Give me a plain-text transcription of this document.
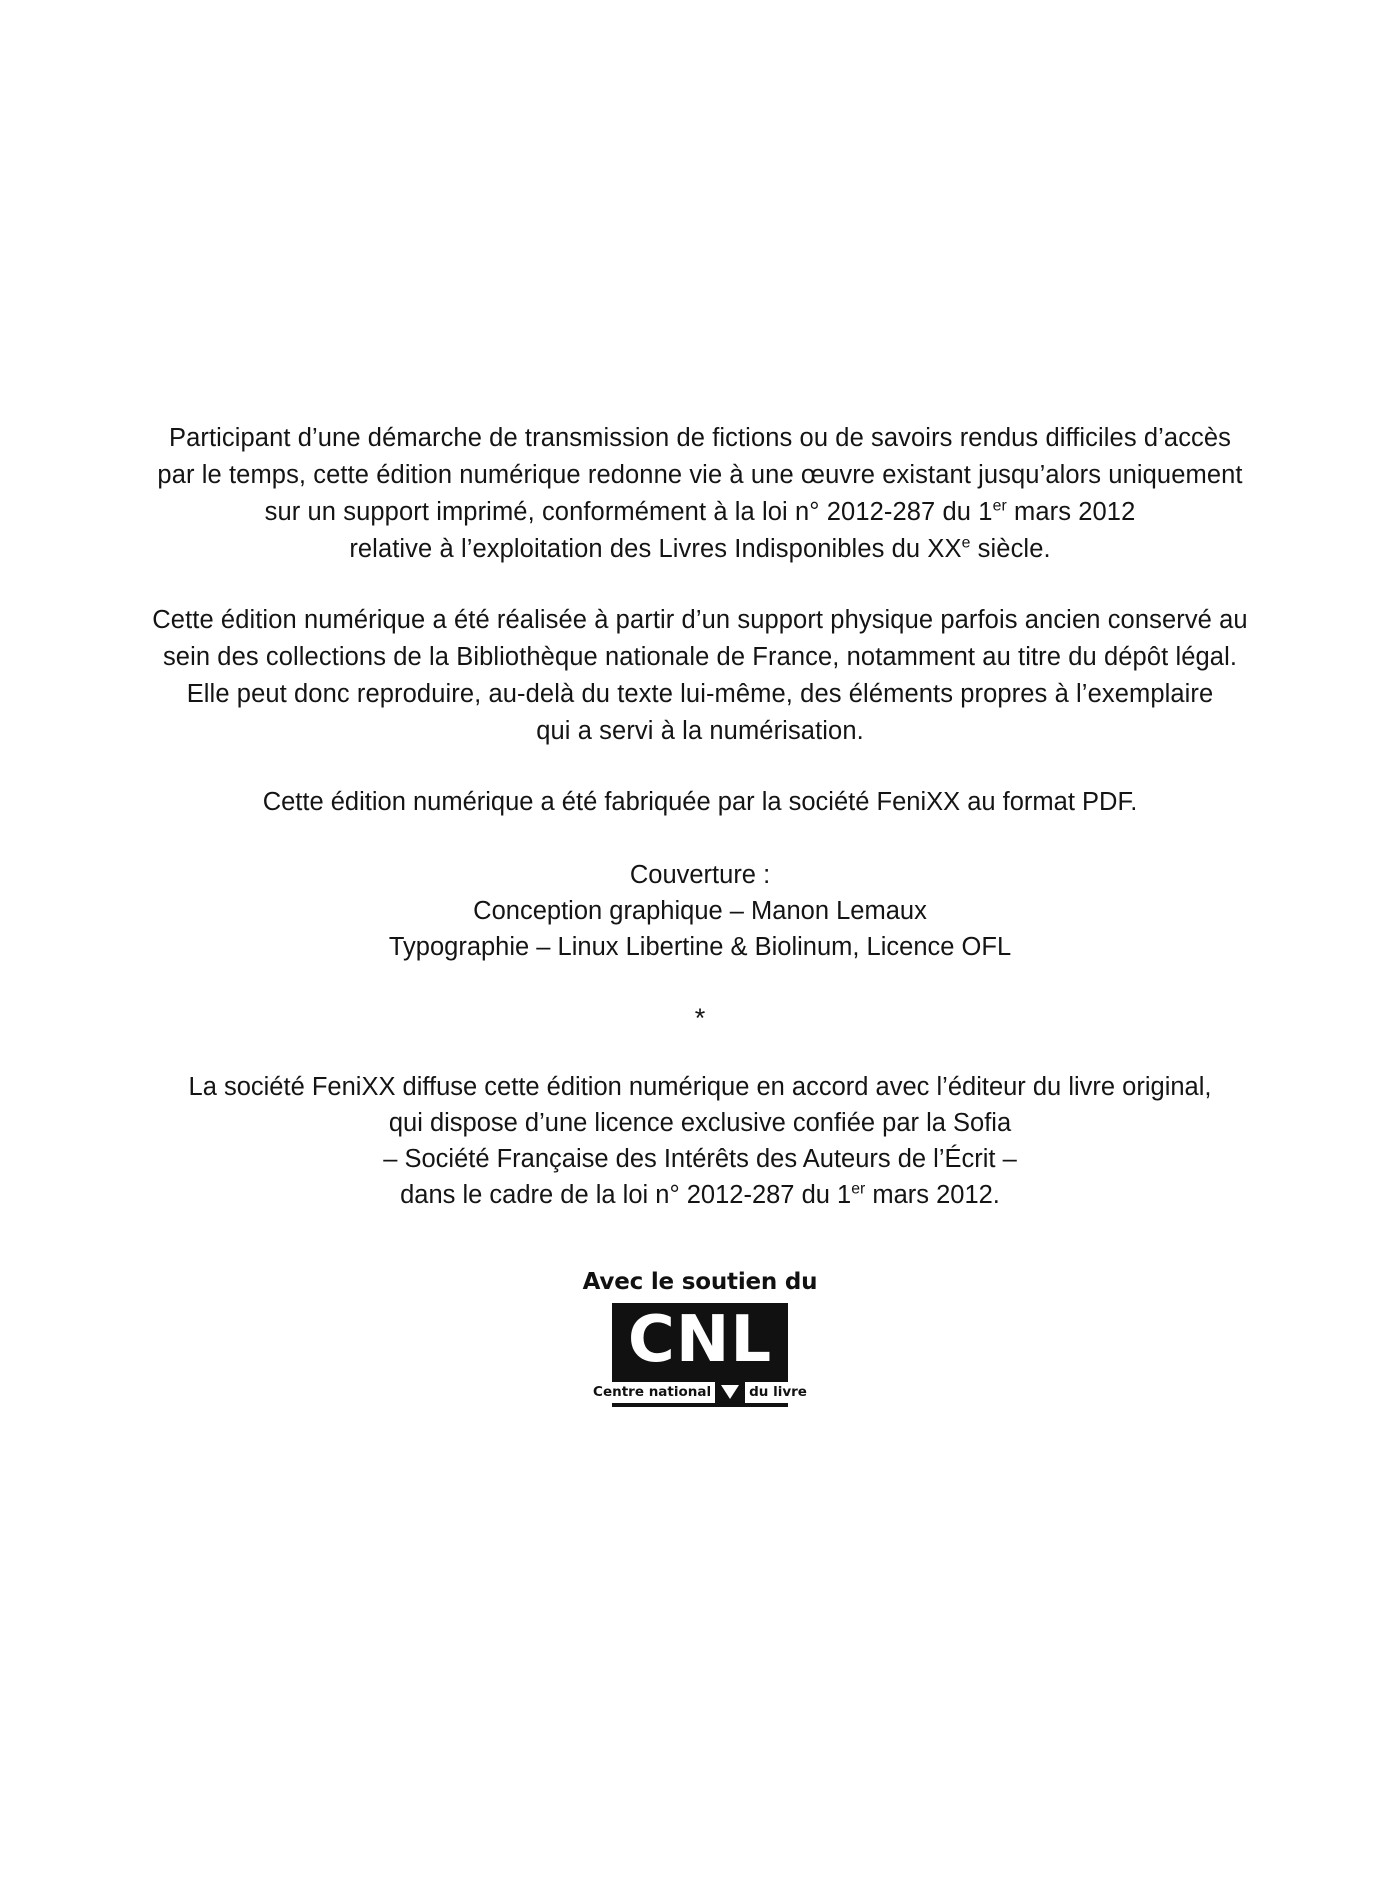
Participant d’une démarche de transmission de fictions ou de savoirs rendus difficiles d’accès
par le temps, cette édition numérique redonne vie à une œuvre existant jusqu’alors uniquement
sur un support imprimé, conformément à la loi n° 2012-287 du 1er mars 2012
relative à l’exploitation des Livres Indisponibles du XXe siècle.

Cette édition numérique a été réalisée à partir d’un support physique parfois ancien conservé au
sein des collections de la Bibliothèque nationale de France, notamment au titre du dépôt légal.
Elle peut donc reproduire, au-delà du texte lui-même, des éléments propres à l’exemplaire
qui a servi à la numérisation.

Cette édition numérique a été fabriquée par la société FeniXX au format PDF.

Couverture :
Conception graphique – Manon Lemaux
Typographie – Linux Libertine & Biolinum, Licence OFL
*
La société FeniXX diffuse cette édition numérique en accord avec l’éditeur du livre original,
qui dispose d’une licence exclusive confiée par la Sofia
– Société Française des Intérêts des Auteurs de l’Écrit –
dans le cadre de la loi n° 2012-287 du 1er mars 2012.
Avec le soutien du
CNL
Centre national	du livre
